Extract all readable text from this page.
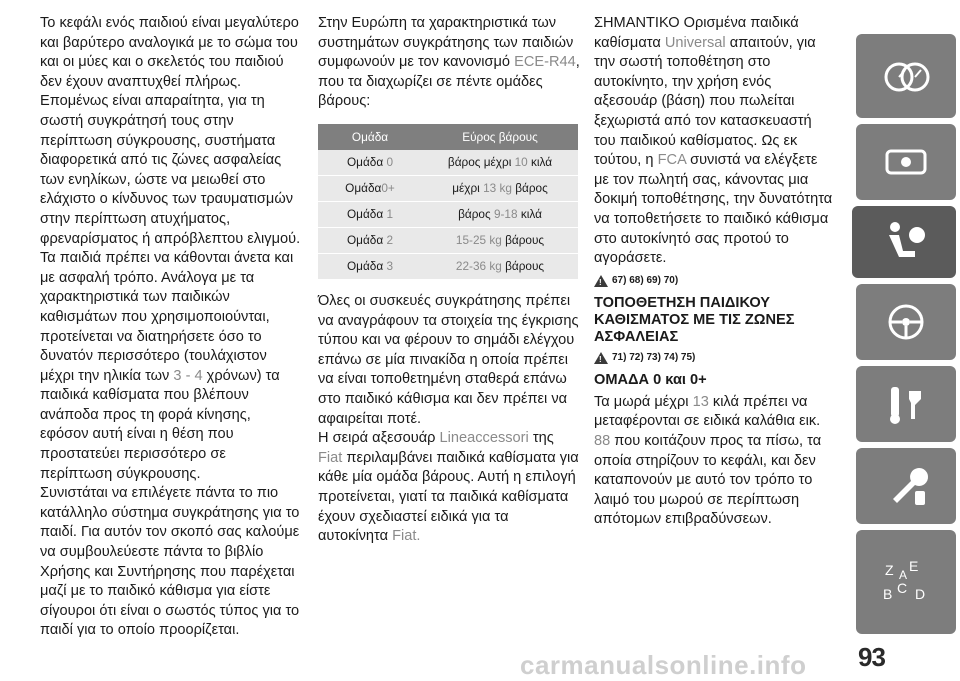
Το κεφάλι ενός παιδιού είναι μεγαλύτερο και βαρύτερο αναλογικά με το σώμα του και οι μύες και ο σκελετός του παιδιού δεν έχουν αναπτυχθεί πλήρως. Επομένως είναι απαραίτητα, για τη σωστή συγκράτησή τους στην περίπτωση σύγκρουσης, συστήματα διαφορετικά από τις ζώνες ασφαλείας των ενηλίκων, ώστε να μειωθεί στο ελάχιστο ο κίνδυνος των τραυματισμών στην περίπτωση ατυχήματος, φρεναρίσματος ή απρόβλεπτου ελιγμού.

Τα παιδιά πρέπει να κάθονται άνετα και με ασφαλή τρόπο. Ανάλογα με τα χαρακτηριστικά των παιδικών καθισμάτων που χρησιμοποιούνται, προτείνεται να διατηρήσετε όσο το δυνατόν περισσότερο (τουλάχιστον μέχρι την ηλικία των 3 - 4 χρόνων) τα παιδικά καθίσματα που βλέπουν ανάποδα προς τη φορά κίνησης, εφόσον αυτή είναι η θέση που προστατεύει περισσότερο σε περίπτωση σύγκρουσης.

Συνιστάται να επιλέγετε πάντα το πιο κατάλληλο σύστημα συγκράτησης για το παιδί. Για αυτόν τον σκοπό σας καλούμε να συμβουλεύεστε πάντα το βιβλίο Χρήσης και Συντήρησης που παρέχεται μαζί με το παιδικό κάθισμα για είστε σίγουροι ότι είναι ο σωστός τύπος για το παιδί για το οποίο προορίζεται.

Στην Ευρώπη τα χαρακτηριστικά των συστημάτων συγκράτησης των παιδιών συμφωνούν με τον κανονισμό ECE-R44, που τα διαχωρίζει σε πέντε ομάδες βάρους:

Ομάδα	Εύρος βάρους
Ομάδα 0	βάρος μέχρι 10 κιλά
Ομάδα0+	μέχρι 13 kg βάρος
Ομάδα 1	βάρος 9-18 κιλά
Ομάδα 2	15-25 kg βάρους
Ομάδα 3	22-36 kg βάρους

Όλες οι συσκευές συγκράτησης πρέπει να αναγράφουν τα στοιχεία της έγκρισης τύπου και να φέρουν το σημάδι ελέγχου επάνω σε μία πινακίδα η οποία πρέπει να είναι τοποθετημένη σταθερά επάνω στο παιδικό κάθισμα και δεν πρέπει να αφαιρείται ποτέ.

Η σειρά αξεσουάρ Lineaccessori της Fiat περιλαμβάνει παιδικά καθίσματα για κάθε μία ομάδα βάρους. Αυτή η επιλογή προτείνεται, γιατί τα παιδικά καθίσματα έχουν σχεδιαστεί ειδικά για τα αυτοκίνητα Fiat.

ΣΗΜΑΝΤΙΚΟ Ορισμένα παιδικά καθίσματα Universal απαιτούν, για την σωστή τοποθέτηση στο αυτοκίνητο, την χρήση ενός αξεσουάρ (βάση) που πωλείται ξεχωριστά από τον κατασκευαστή του παιδικού καθίσματος. Ως εκ τούτου, η FCA συνιστά να ελέγξετε με τον πωλητή σας, κάνοντας μια δοκιμή τοποθέτησης, την δυνατότητα να τοποθετήσετε το παιδικό κάθισμα στο αυτοκίνητό σας προτού το αγοράσετε.

!
67) 68) 69) 70)
ΤΟΠΟΘΕΤΗΣΗ ΠΑΙΔΙΚΟΥ ΚΑΘΙΣΜΑΤΟΣ ΜΕ ΤΙΣ ΖΩΝΕΣ ΑΣΦΑΛΕΙΑΣ
!
71) 72) 73) 74) 75)
ΟΜΑΔΑ 0 και 0+

Τα μωρά μέχρι 13 κιλά πρέπει να μεταφέρονται σε ειδικά καλάθια εικ. 88 που κοιτάζουν προς τα πίσω, τα οποία στηρίζουν το κεφάλι, και δεν καταπονούν με αυτό τον τρόπο το λαιμό του μωρού σε περίπτωση απότομων επιβραδύνσεων.

Z E
B C D
A
93
carmanualsonline.info
